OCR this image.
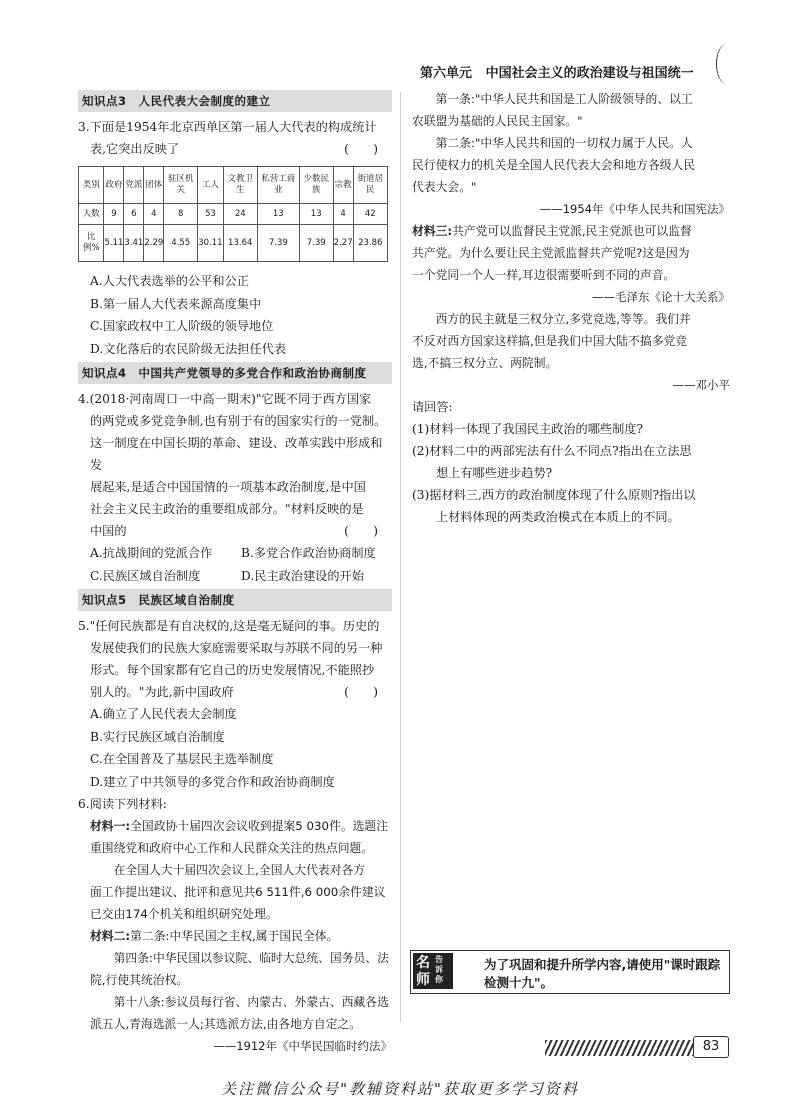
第六单元 中国社会主义的政治建设与祖国统一
知识点3　人民代表大会制度的建立

3.下面是1954年北京西单区第一届人大代表的构成统计

表,它突出反映了	(　　)

类别	政府	党派	团体	驻区机关	工人	文教卫生	私营工商业	少数民族	宗教	街道居民
人数	9	6	4	8	53	24	13	13	4	42
比例%	5.11	3.41	2.29	4.55	30.11	13.64	7.39	7.39	2.27	23.86

A.人大代表选举的公平和公正

B.第一届人大代表来源高度集中

C.国家政权中工人阶级的领导地位

D.文化落后的农民阶级无法担任代表

知识点4　中国共产党领导的多党合作和政治协商制度

4.(2018·河南周口一中高一期末)"它既不同于西方国家

的两党或多党竞争制,也有别于有的国家实行的一党制。

这一制度在中国长期的革命、建设、改革实践中形成和发

展起来,是适合中国国情的一项基本政治制度,是中国

社会主义民主政治的重要组成部分。"材料反映的是

中国的	(　　)

A.抗战期间的党派合作	B.多党合作政治协商制度
C.民族区域自治制度	D.民主政治建设的开始
知识点5　民族区域自治制度

5."任何民族都是有自决权的,这是毫无疑问的事。历史的

发展使我们的民族大家庭需要采取与苏联不同的另一种

形式。每个国家都有它自己的历史发展情况,不能照抄

别人的。"为此,新中国政府	(　　)

A.确立了人民代表大会制度

B.实行民族区域自治制度

C.在全国普及了基层民主选举制度

D.建立了中共领导的多党合作和政治协商制度

6.阅读下列材料:

材料一:全国政协十届四次会议收到提案5 030件。选题注

重围绕党和政府中心工作和人民群众关注的热点问题。

在全国人大十届四次会议上,全国人大代表对各方

面工作提出建议、批评和意见共6 511件,6 000余件建议

已交由174个机关和组织研究处理。

材料二:第二条:中华民国之主权,属于国民全体。

第四条:中华民国以参议院、临时大总统、国务员、法

院,行使其统治权。

第十八条:参议员每行省、内蒙古、外蒙古、西藏各选

派五人,青海选派一人;其选派方法,由各地方自定之。

——1912年《中华民国临时约法》

第一条:"中华人民共和国是工人阶级领导的、以工

农联盟为基础的人民民主国家。"

第二条:"中华人民共和国的一切权力属于人民。人

民行使权力的机关是全国人民代表大会和地方各级人民

代表大会。"

——1954年《中华人民共和国宪法》

材料三:共产党可以监督民主党派,民主党派也可以监督

共产党。为什么要让民主党派监督共产党呢?这是因为

一个党同一个人一样,耳边很需要听到不同的声音。

——毛泽东《论十大关系》

西方的民主就是三权分立,多党竞选,等等。我们并

不反对西方国家这样搞,但是我们中国大陆不搞多党竞

选,不搞三权分立、两院制。

——邓小平

请回答:

(1)材料一体现了我国民主政治的哪些制度?

(2)材料二中的两部宪法有什么不同点?指出在立法思

想上有哪些进步趋势?

(3)据材料三,西方的政治制度体现了什么原则?指出以

上材料体现的两类政治模式在本质上的不同。

名
师
告诉你
为了巩固和提升所学内容,请使用"课时跟踪检测十九"。
83
关注微信公众号"教辅资料站"获取更多学习资料
